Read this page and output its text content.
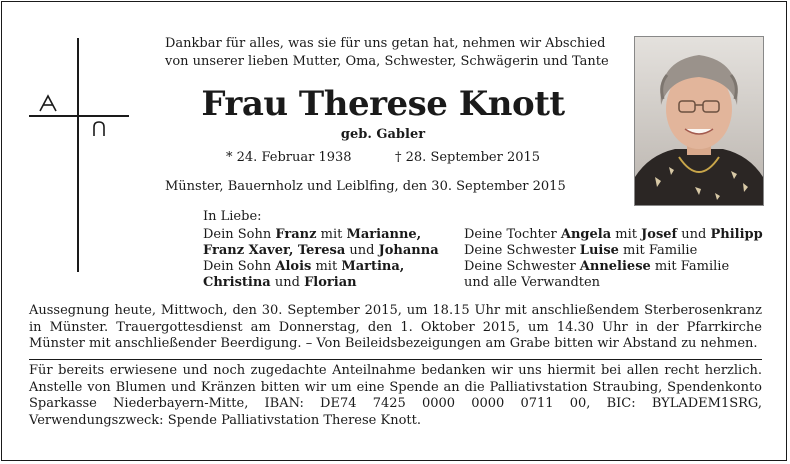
Dankbar für alles, was sie für uns getan hat, nehmen wir Abschied von unserer lieben Mutter, Oma, Schwester, Schwägerin und Tante
Frau Therese Knott
geb. Gabler
* 24. Februar 1938	† 28. September 2015
Münster, Bauernholz und Leiblfing, den 30. September 2015
In Liebe:
Dein Sohn Franz mit Marianne,
Franz Xaver, Teresa und Johanna
Dein Sohn Alois mit Martina,
Christina und Florian
Deine Tochter Angela mit Josef und Philipp
Deine Schwester Luise mit Familie
Deine Schwester Anneliese mit Familie
und alle Verwandten
Aussegnung heute, Mittwoch, den 30. September 2015, um 18.15 Uhr mit anschließendem Sterberosenkranz in Münster. Trauergottesdienst am Donnerstag, den 1. Oktober 2015, um 14.30 Uhr in der Pfarrkirche Münster mit anschließender Beerdigung. – Von Beileidsbezeigungen am Grabe bitten wir Abstand zu nehmen.
Für bereits erwiesene und noch zugedachte Anteilnahme bedanken wir uns hiermit bei allen recht herzlich. Anstelle von Blumen und Kränzen bitten wir um eine Spende an die Palliativstation Straubing, Spendenkonto Sparkasse Niederbayern-Mitte, IBAN: DE74 7425 0000 0000 0711 00, BIC: BYLADEM1SRG, Verwendungszweck: Spende Palliativstation Therese Knott.
